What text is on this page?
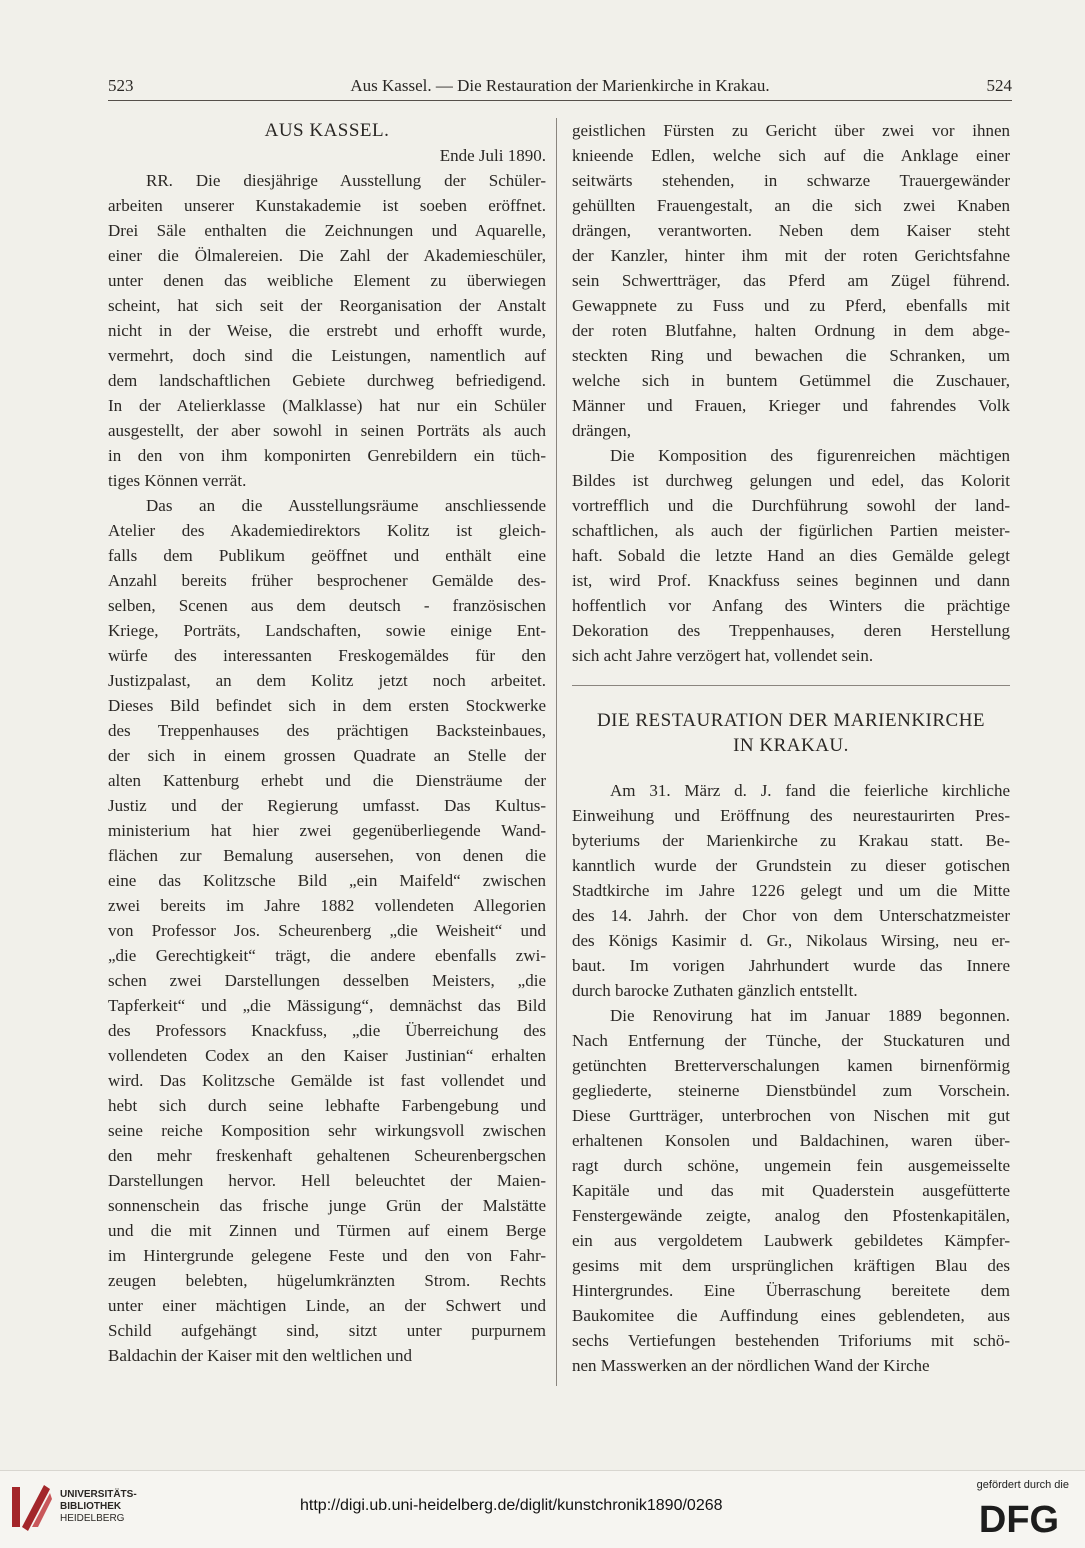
523	Aus Kassel. — Die Restauration der Marienkirche in Krakau.	524
AUS KASSEL.
Ende Juli 1890.
RR. Die diesjährige Ausstellung der Schüler-
arbeiten unserer Kunstakademie ist soeben eröffnet.
Drei Säle enthalten die Zeichnungen und Aquarelle,
einer die Ölmalereien. Die Zahl der Akademieschüler,
unter denen das weibliche Element zu überwiegen
scheint, hat sich seit der Reorganisation der Anstalt
nicht in der Weise, die erstrebt und erhofft wurde,
vermehrt, doch sind die Leistungen, namentlich auf
dem landschaftlichen Gebiete durchweg befriedigend.
In der Atelierklasse (Malklasse) hat nur ein Schüler
ausgestellt, der aber sowohl in seinen Porträts als auch
in den von ihm komponirten Genrebildern ein tüch-
tiges Können verrät.
Das an die Ausstellungsräume anschliessende
Atelier des Akademiedirektors Kolitz ist gleich-
falls dem Publikum geöffnet und enthält eine
Anzahl bereits früher besprochener Gemälde des-
selben, Scenen aus dem deutsch - französischen
Kriege, Porträts, Landschaften, sowie einige Ent-
würfe des interessanten Freskogemäldes für den
Justizpalast, an dem Kolitz jetzt noch arbeitet.
Dieses Bild befindet sich in dem ersten Stockwerke
des Treppenhauses des prächtigen Backsteinbaues,
der sich in einem grossen Quadrate an Stelle der
alten Kattenburg erhebt und die Diensträume der
Justiz und der Regierung umfasst. Das Kultus-
ministerium hat hier zwei gegenüberliegende Wand-
flächen zur Bemalung ausersehen, von denen die
eine das Kolitzsche Bild „ein Maifeld“ zwischen
zwei bereits im Jahre 1882 vollendeten Allegorien
von Professor Jos. Scheurenberg „die Weisheit“ und
„die Gerechtigkeit“ trägt, die andere ebenfalls zwi-
schen zwei Darstellungen desselben Meisters, „die
Tapferkeit“ und „die Mässigung“, demnächst das Bild
des Professors Knackfuss, „die Überreichung des
vollendeten Codex an den Kaiser Justinian“ erhalten
wird. Das Kolitzsche Gemälde ist fast vollendet und
hebt sich durch seine lebhafte Farbengebung und
seine reiche Komposition sehr wirkungsvoll zwischen
den mehr freskenhaft gehaltenen Scheurenbergschen
Darstellungen hervor. Hell beleuchtet der Maien-
sonnenschein das frische junge Grün der Malstätte
und die mit Zinnen und Türmen auf einem Berge
im Hintergrunde gelegene Feste und den von Fahr-
zeugen belebten, hügelumkränzten Strom. Rechts
unter einer mächtigen Linde, an der Schwert und
Schild aufgehängt sind, sitzt unter purpurnem
Baldachin der Kaiser mit den weltlichen und
geistlichen Fürsten zu Gericht über zwei vor ihnen
knieende Edlen, welche sich auf die Anklage einer
seitwärts stehenden, in schwarze Trauergewänder
gehüllten Frauengestalt, an die sich zwei Knaben
drängen, verantworten. Neben dem Kaiser steht
der Kanzler, hinter ihm mit der roten Gerichtsfahne
sein Schwertträger, das Pferd am Zügel führend.
Gewappnete zu Fuss und zu Pferd, ebenfalls mit
der roten Blutfahne, halten Ordnung in dem abge-
steckten Ring und bewachen die Schranken, um
welche sich in buntem Getümmel die Zuschauer,
Männer und Frauen, Krieger und fahrendes Volk
drängen,
Die Komposition des figurenreichen mächtigen
Bildes ist durchweg gelungen und edel, das Kolorit
vortrefflich und die Durchführung sowohl der land-
schaftlichen, als auch der figürlichen Partien meister-
haft. Sobald die letzte Hand an dies Gemälde gelegt
ist, wird Prof. Knackfuss seines beginnen und dann
hoffentlich vor Anfang des Winters die prächtige
Dekoration des Treppenhauses, deren Herstellung
sich acht Jahre verzögert hat, vollendet sein.
DIE RESTAURATION DER MARIENKIRCHE
IN KRAKAU.
Am 31. März d. J. fand die feierliche kirchliche
Einweihung und Eröffnung des neurestaurirten Pres-
byteriums der Marienkirche zu Krakau statt. Be-
kanntlich wurde der Grundstein zu dieser gotischen
Stadtkirche im Jahre 1226 gelegt und um die Mitte
des 14. Jahrh. der Chor von dem Unterschatzmeister
des Königs Kasimir d. Gr., Nikolaus Wirsing, neu er-
baut. Im vorigen Jahrhundert wurde das Innere
durch barocke Zuthaten gänzlich entstellt.
Die Renovirung hat im Januar 1889 begonnen.
Nach Entfernung der Tünche, der Stuckaturen und
getünchten Bretterverschalungen kamen birnenförmig
gegliederte, steinerne Dienstbündel zum Vorschein.
Diese Gurtträger, unterbrochen von Nischen mit gut
erhaltenen Konsolen und Baldachinen, waren über-
ragt durch schöne, ungemein fein ausgemeisselte
Kapitäle und das mit Quaderstein ausgefütterte
Fenstergewände zeigte, analog den Pfostenkapitälen,
ein aus vergoldetem Laubwerk gebildetes Kämpfer-
gesims mit dem ursprünglichen kräftigen Blau des
Hintergrundes. Eine Überraschung bereitete dem
Baukomitee die Auffindung eines geblendeten, aus
sechs Vertiefungen bestehenden Triforiums mit schö-
nen Masswerken an der nördlichen Wand der Kirche
UNIVERSITÄTS-
BIBLIOTHEK
HEIDELBERG
http://digi.ub.uni-heidelberg.de/diglit/kunstchronik1890/0268
gefördert durch die
DFG
